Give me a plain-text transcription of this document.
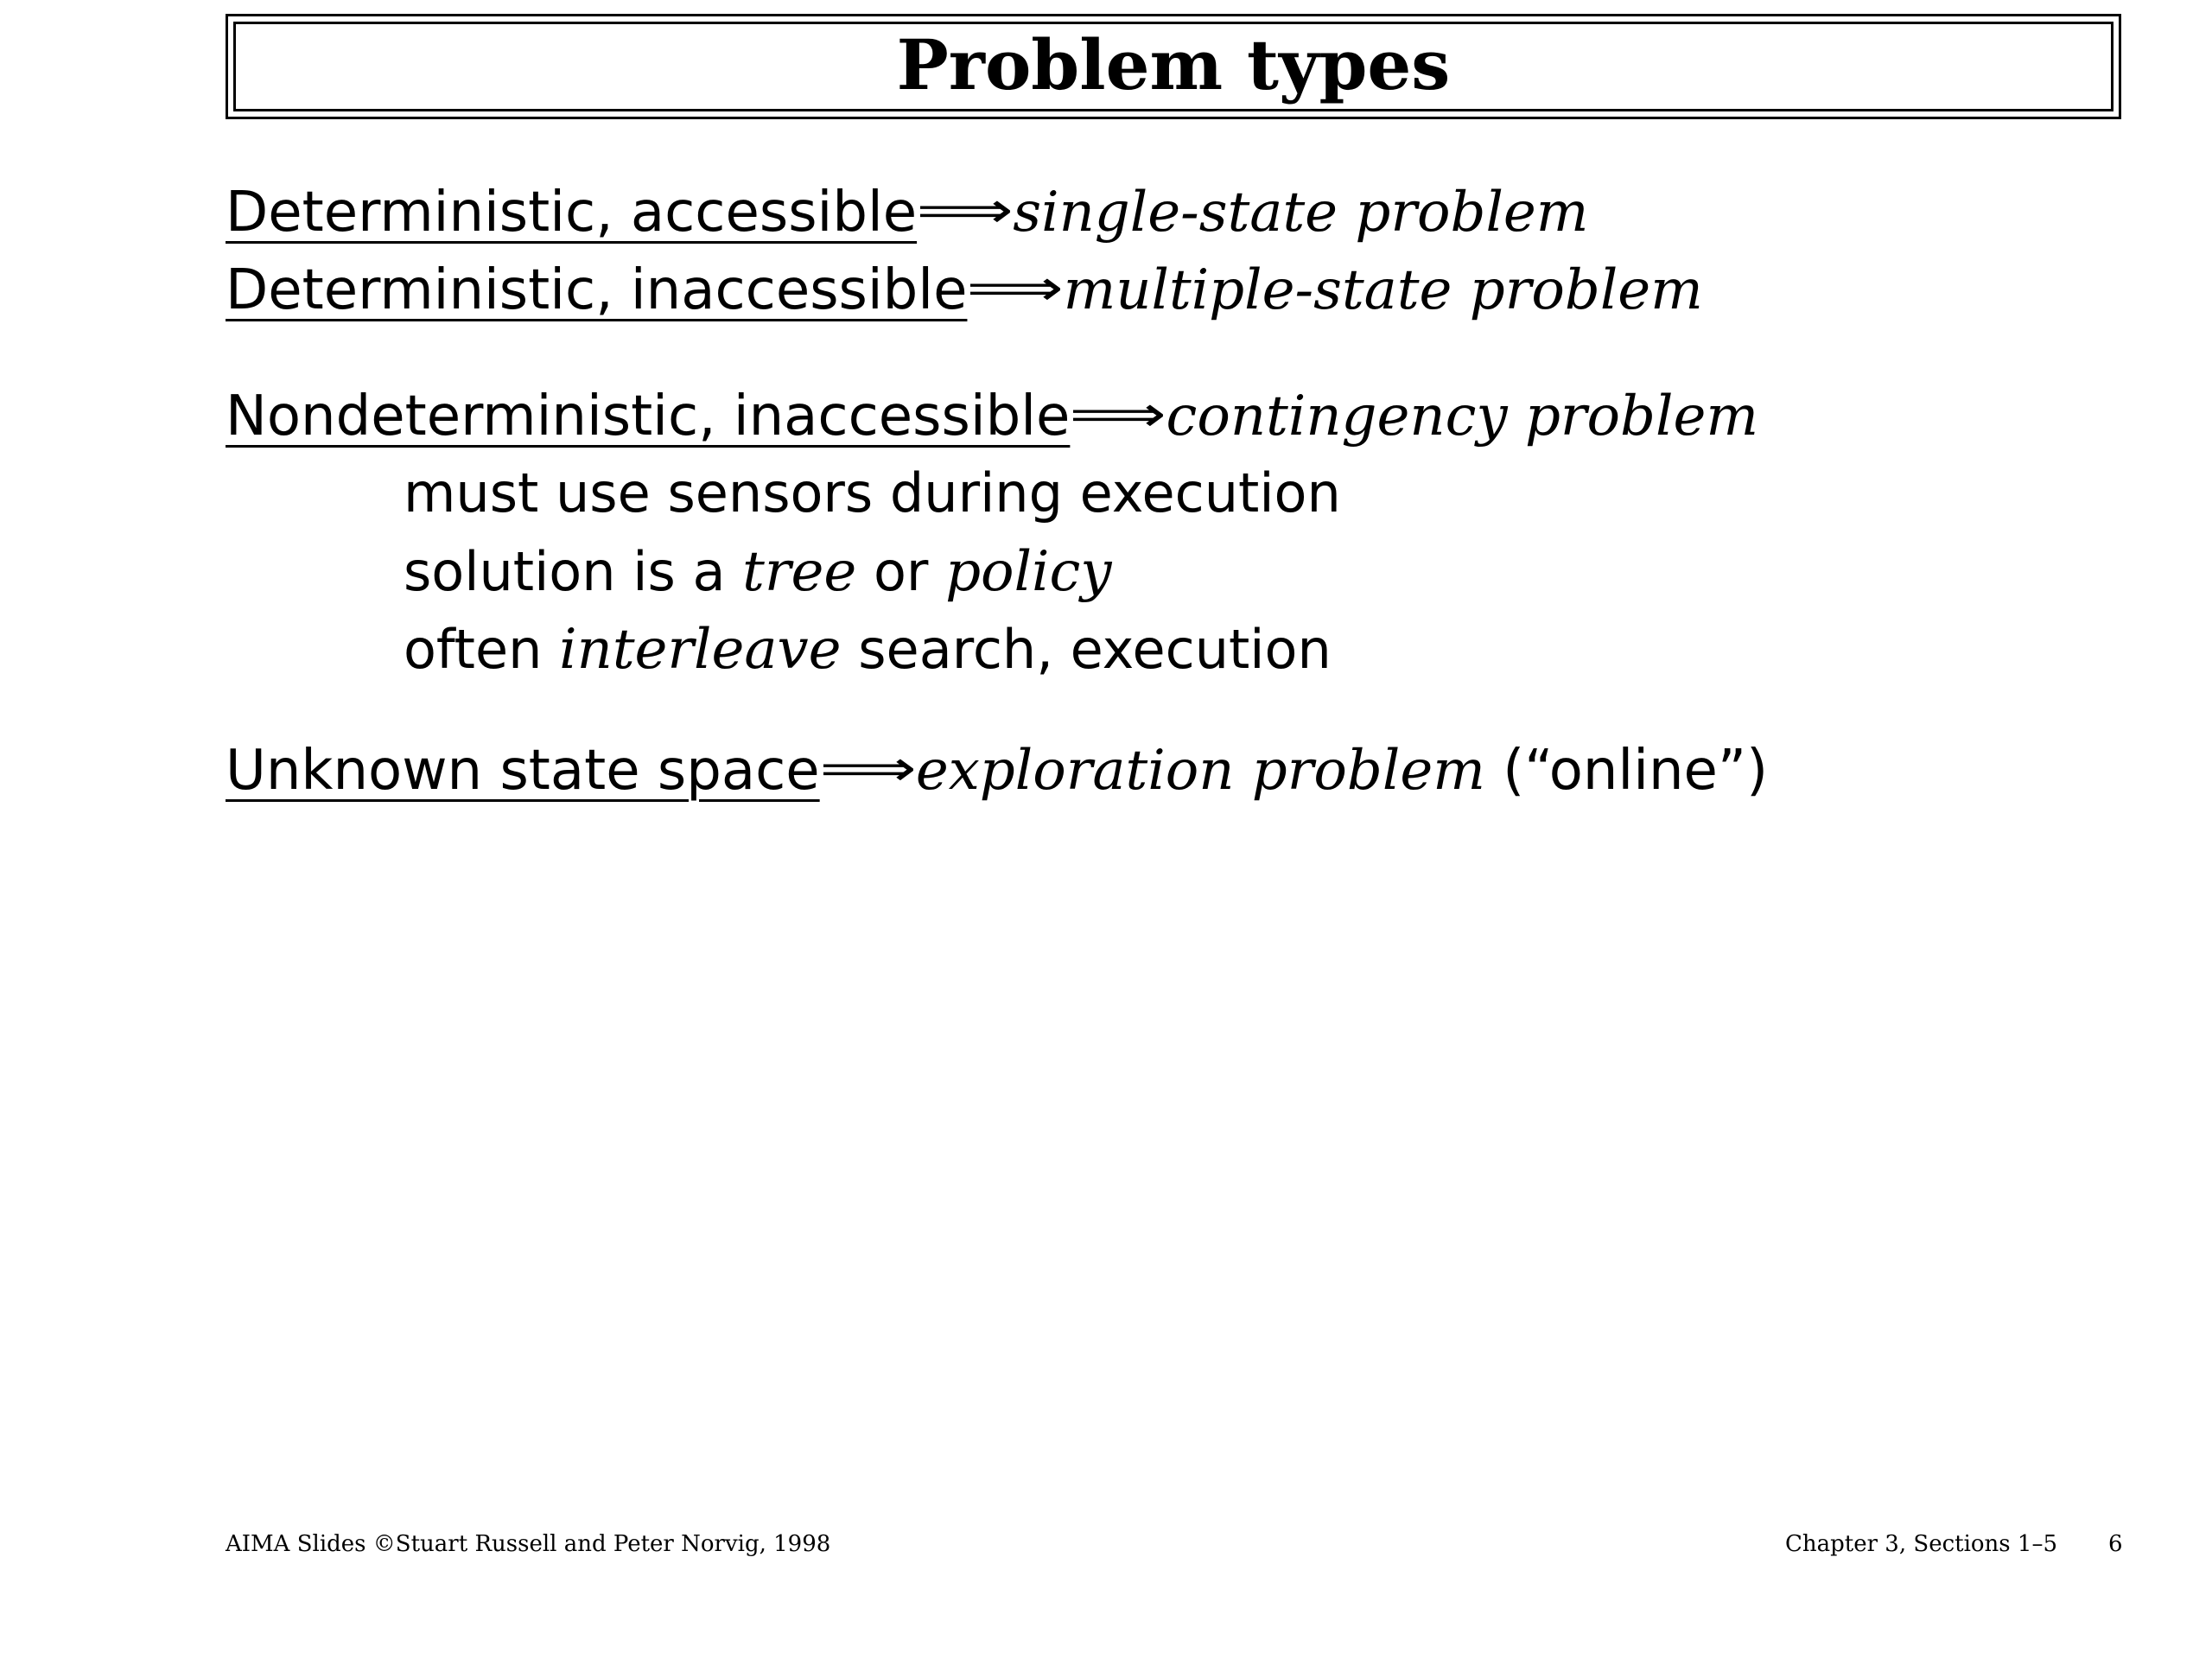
Problem types
Deterministic, accessible⟹single-state problem
Deterministic, inaccessible⟹multiple-state problem
Nondeterministic, inaccessible⟹contingency problem
must use sensors during execution
solution is a tree or policy
often interleave search, execution
Unknown state space⟹exploration problem (“online”)
AIMA Slides ©Stuart Russell and Peter Norvig, 1998	Chapter 3, Sections 1–5 6
